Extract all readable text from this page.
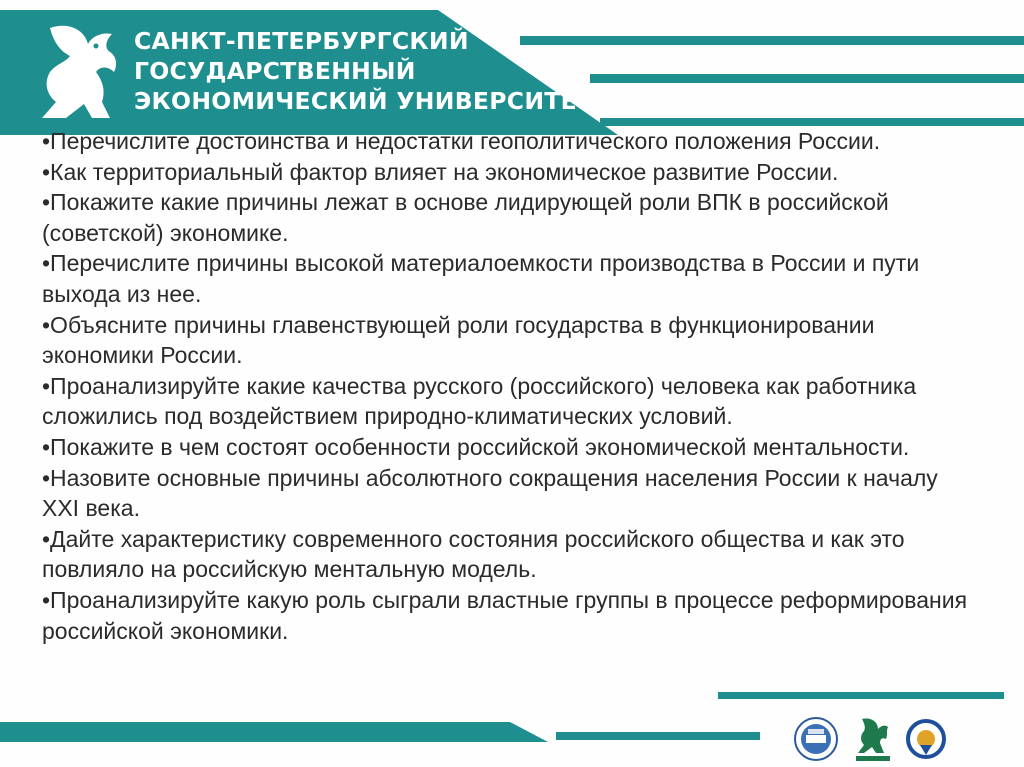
САНКТ-ПЕТЕРБУРГСКИЙ
ГОСУДАРСТВЕННЫЙ
ЭКОНОМИЧЕСКИЙ УНИВЕРСИТЕТ

•Перечислите достоинства и недостатки геополитического положения России.

•Как территориальный фактор влияет на экономическое развитие России.

•Покажите какие причины лежат в основе лидирующей роли ВПК в российской (советской) экономике.

•Перечислите причины высокой материалоемкости производства в России и пути выхода из нее.

•Объясните причины главенствующей роли государства в функционировании экономики России.

•Проанализируйте какие качества русского (российского) человека как работника сложились под воздействием природно-климатических условий.

•Покажите в чем состоят особенности российской экономической ментальности.

•Назовите основные причины абсолютного сокращения населения России к началу XXI века.

•Дайте характеристику современного состояния российского общества и как это повлияло на российскую ментальную модель.

•Проанализируйте какую роль сыграли властные группы в процессе реформирования российской экономики.
